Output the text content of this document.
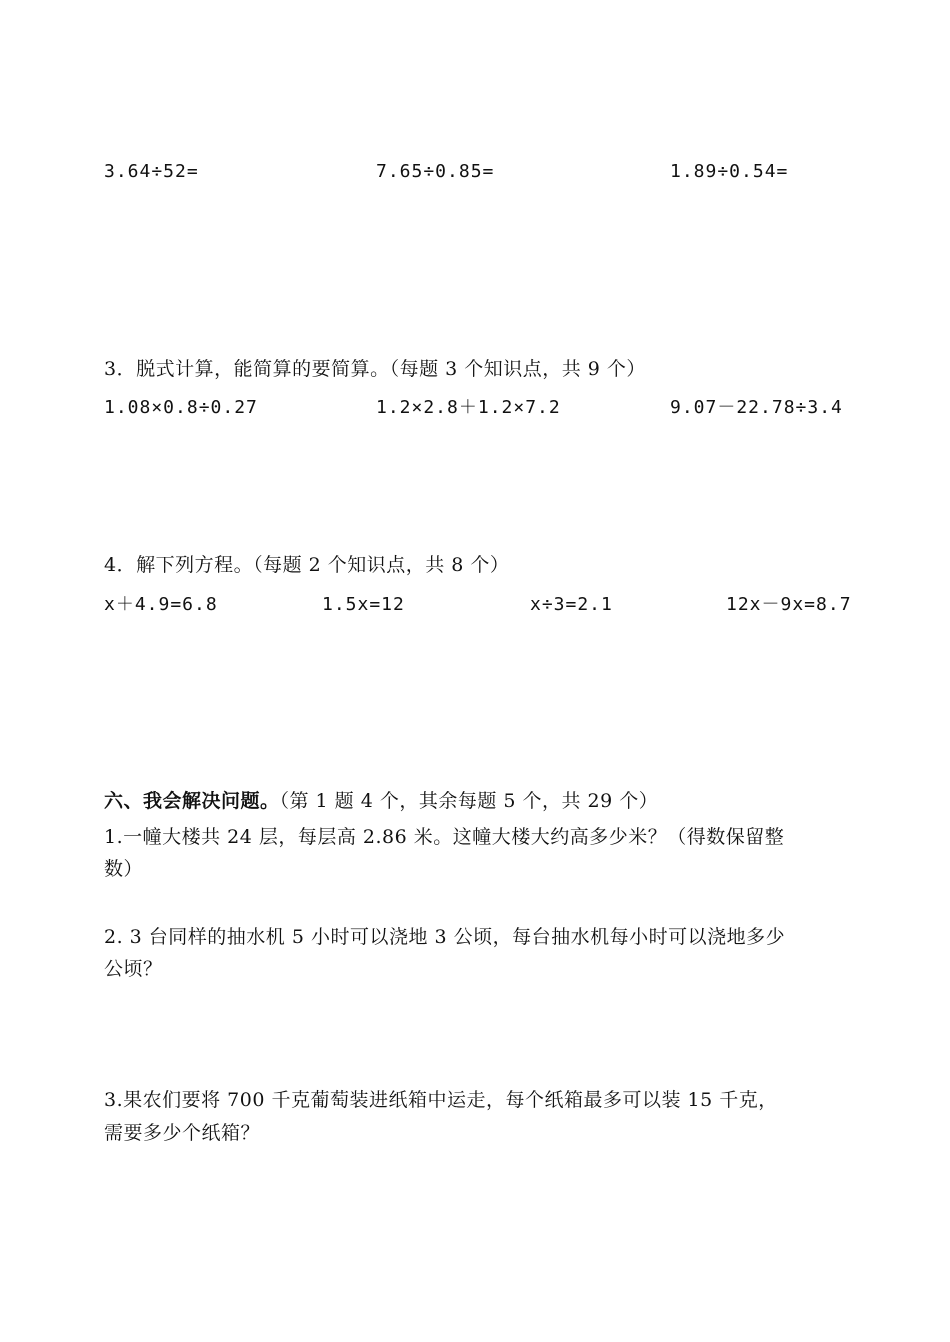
3.64÷52=	7.65÷0.85=	1.89÷0.54=
3．脱式计算，能简算的要简算。（每题 3 个知识点，共 9 个）
1.08×0.8÷0.27	1.2×2.8＋1.2×7.2	9.07－22.78÷3.4
4．解下列方程。（每题 2 个知识点，共 8 个）
x＋4.9=6.8	1.5x=12	x÷3=2.1	12x－9x=8.7
六、我会解决问题。（第 1 题 4 个，其余每题 5 个，共 29 个）
1.一幢大楼共 24 层，每层高 2.86 米。这幢大楼大约高多少米？（得数保留整
数）
2. 3 台同样的抽水机 5 小时可以浇地 3 公顷，每台抽水机每小时可以浇地多少
公顷？
3.果农们要将 700 千克葡萄装进纸箱中运走，每个纸箱最多可以装 15 千克，
需要多少个纸箱？
